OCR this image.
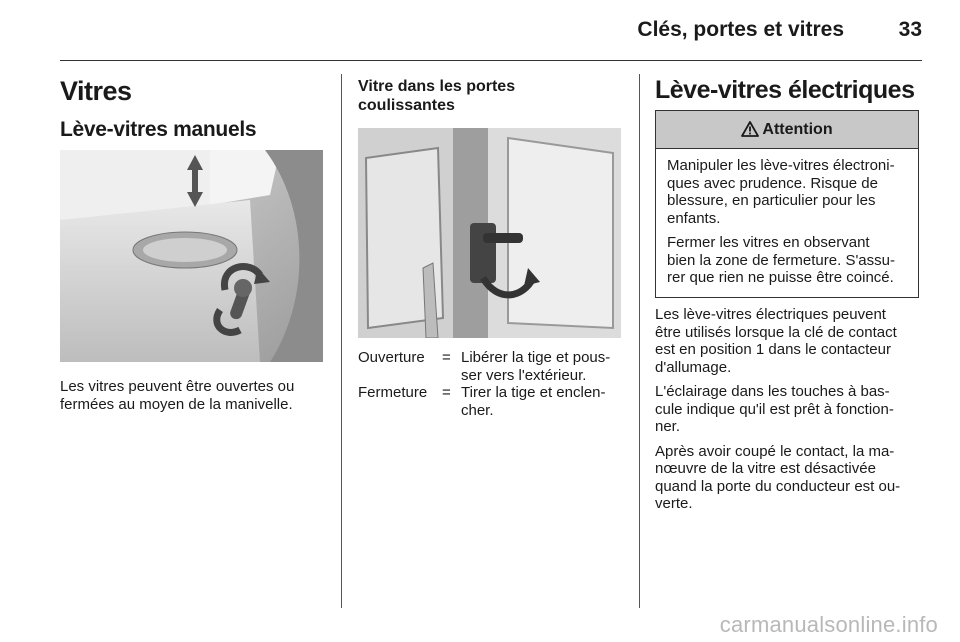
Clés, portes et vitres	33
Vitres
Lève-vitres manuels
Les vitres peuvent être ouvertes ou fermées au moyen de la manivelle.
Vitre dans les portes
coulissantes
Ouverture = Libérer la tige et pous-
ser vers l'extérieur.
Fermeture = Tirer la tige et enclen-
cher.
Lève-vitres électriques
Attention
Manipuler les lève-vitres électroni-
ques avec prudence. Risque de
blessure, en particulier pour les
enfants.
Fermer les vitres en observant
bien la zone de fermeture. S'assu-
rer que rien ne puisse être coincé.
Les lève-vitres électriques peuvent
être utilisés lorsque la clé de contact
est en position 1 dans le contacteur
d'allumage.
L'éclairage dans les touches à bas-
cule indique qu'il est prêt à fonction-
ner.
Après avoir coupé le contact, la ma-
nœuvre de la vitre est désactivée
quand la porte du conducteur est ou-
verte.
carmanualsonline.info
